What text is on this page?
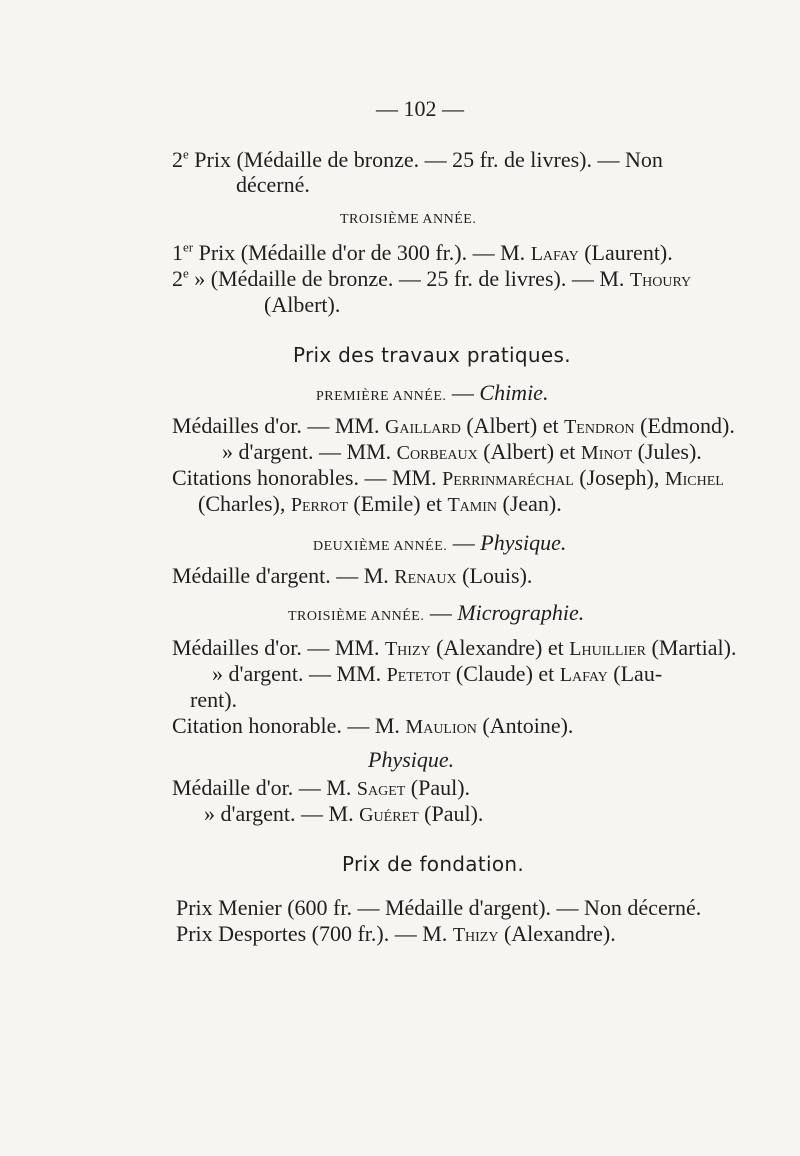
— 102 —
2e Prix (Médaille de bronze. — 25 fr. de livres). — Non
décerné.
TROISIÈME ANNÉE.
1er Prix (Médaille d'or de 300 fr.). — M. Lafay (Laurent).
2e » (Médaille de bronze. — 25 fr. de livres). — M. Thoury
(Albert).
Prix des travaux pratiques.
PREMIÈRE ANNÉE. — Chimie.
Médailles d'or. — MM. Gaillard (Albert) et Tendron (Edmond).
» d'argent. — MM. Corbeaux (Albert) et Minot (Jules).
Citations honorables. — MM. Perrinmaréchal (Joseph), Michel
(Charles), Perrot (Emile) et Tamin (Jean).
DEUXIÈME ANNÉE. — Physique.
Médaille d'argent. — M. Renaux (Louis).
TROISIÈME ANNÉE. — Micrographie.
Médailles d'or. — MM. Thizy (Alexandre) et Lhuillier (Martial).
» d'argent. — MM. Petetot (Claude) et Lafay (Lau-
rent).
Citation honorable. — M. Maulion (Antoine).
Physique.
Médaille d'or. — M. Saget (Paul).
» d'argent. — M. Guéret (Paul).
Prix de fondation.
Prix Menier (600 fr. — Médaille d'argent). — Non décerné.
Prix Desportes (700 fr.). — M. Thizy (Alexandre).
